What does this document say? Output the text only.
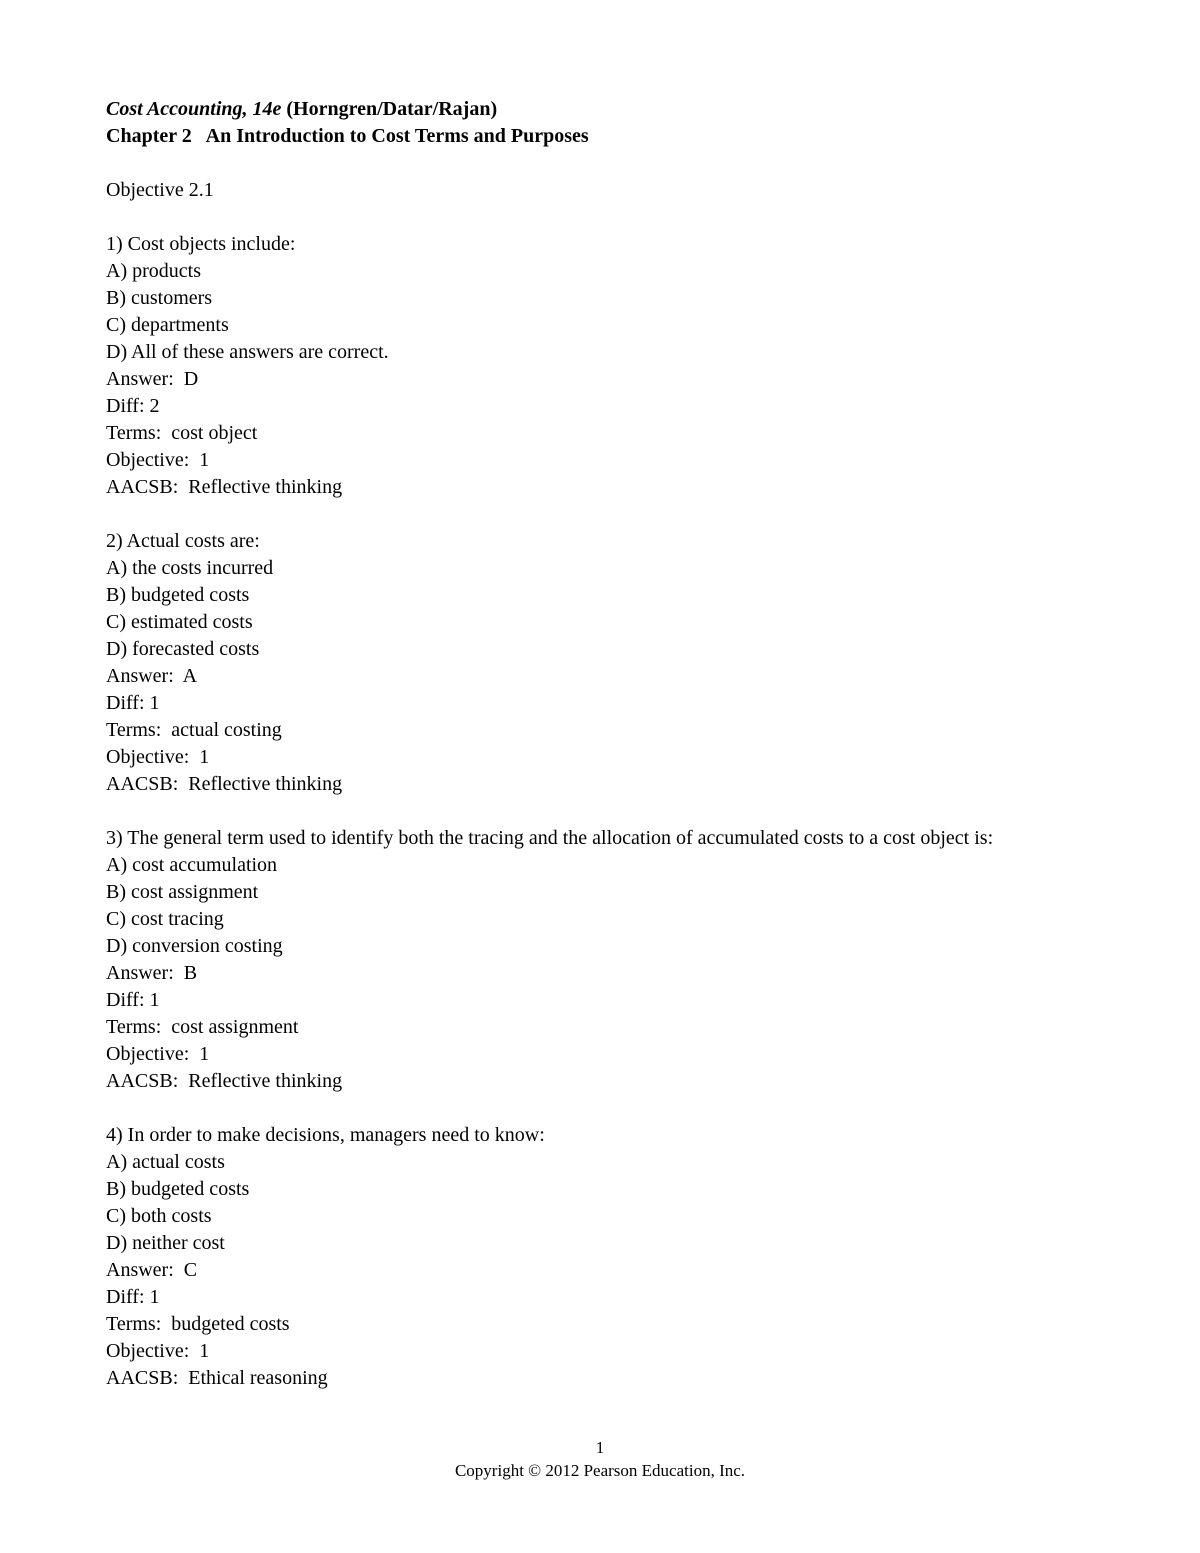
Cost Accounting, 14e (Horngren/Datar/Rajan)
Chapter 2   An Introduction to Cost Terms and Purposes
Objective 2.1
1) Cost objects include:
A) products
B) customers
C) departments
D) All of these answers are correct.
Answer:  D
Diff: 2
Terms:  cost object
Objective:  1
AACSB:  Reflective thinking
2) Actual costs are:
A) the costs incurred
B) budgeted costs
C) estimated costs
D) forecasted costs
Answer:  A
Diff: 1
Terms:  actual costing
Objective:  1
AACSB:  Reflective thinking
3) The general term used to identify both the tracing and the allocation of accumulated costs to a cost object is:
A) cost accumulation
B) cost assignment
C) cost tracing
D) conversion costing
Answer:  B
Diff: 1
Terms:  cost assignment
Objective:  1
AACSB:  Reflective thinking
4) In order to make decisions, managers need to know:
A) actual costs
B) budgeted costs
C) both costs
D) neither cost
Answer:  C
Diff: 1
Terms:  budgeted costs
Objective:  1
AACSB:  Ethical reasoning
1
Copyright © 2012 Pearson Education, Inc.
